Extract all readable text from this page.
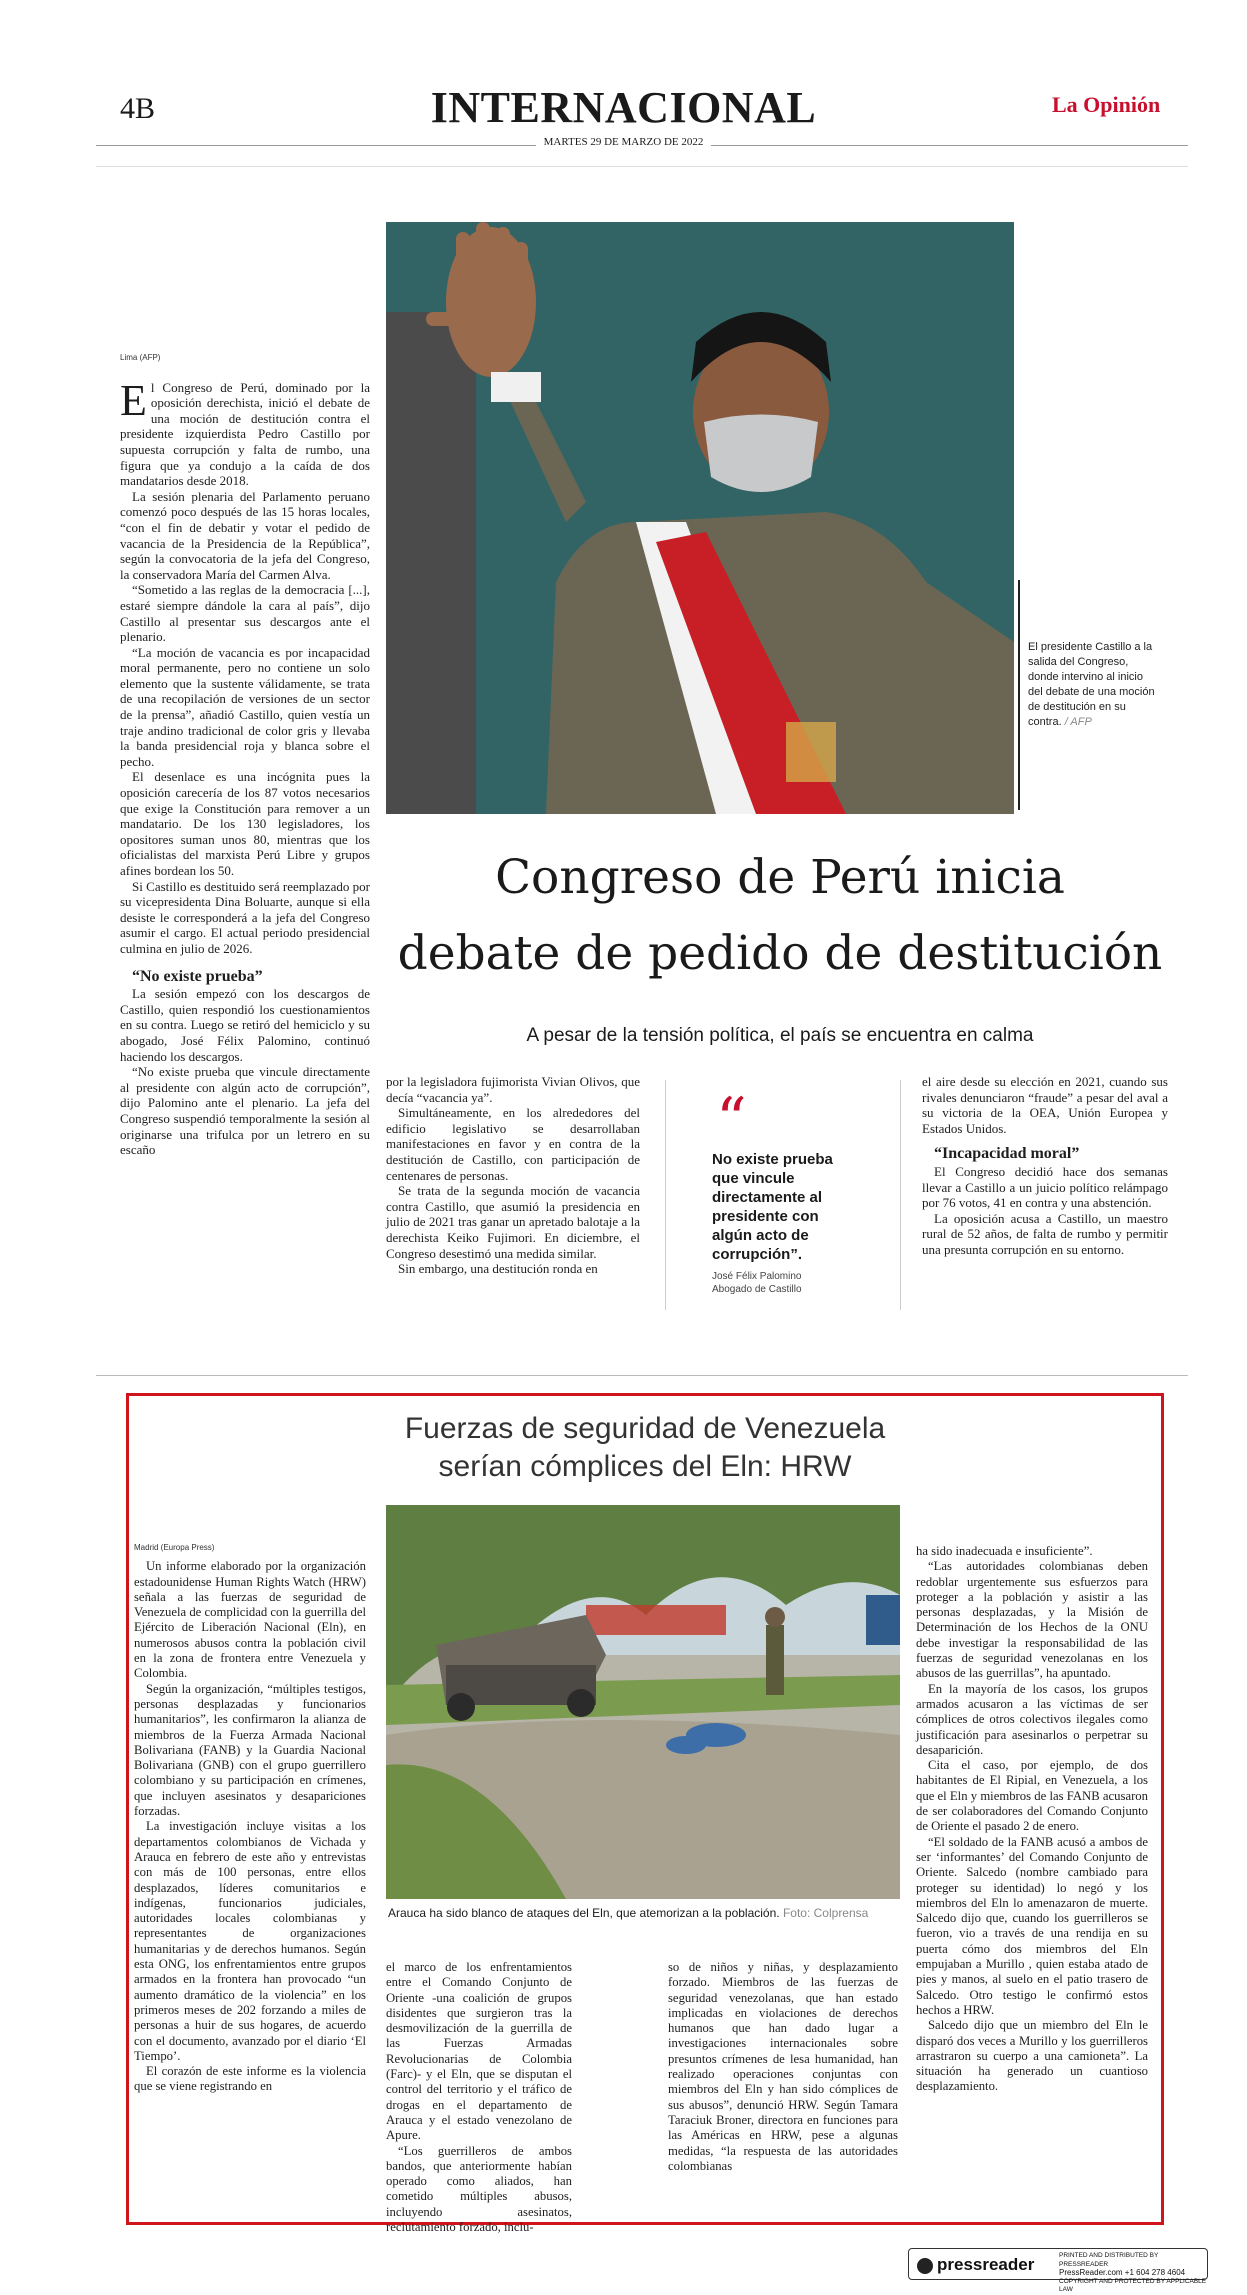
4B	INTERNACIONAL	La Opinión
MARTES 29 DE MARZO DE 2022
El presidente Castillo a la salida del Congreso, donde intervino al inicio del debate de una moción de destitución en su contra. / AFP

Lima (AFP)

El Congreso de Perú, dominado por la oposición derechista, inició el debate de una moción de destitución contra el presidente izquierdista Pedro Castillo por supuesta corrupción y falta de rumbo, una figura que ya condujo a la caída de dos mandatarios desde 2018.

La sesión plenaria del Parlamento peruano comenzó poco después de las 15 horas locales, “con el fin de debatir y votar el pedido de vacancia de la Presidencia de la República”, según la convocatoria de la jefa del Congreso, la conservadora María del Carmen Alva.

“Sometido a las reglas de la democracia [...], estaré siempre dándole la cara al país”, dijo Castillo al presentar sus descargos ante el plenario.

“La moción de vacancia es por incapacidad moral permanente, pero no contiene un solo elemento que la sustente válidamente, se trata de una recopilación de versiones de un sector de la prensa”, añadió Castillo, quien vestía un traje andino tradicional de color gris y llevaba la banda presidencial roja y blanca sobre el pecho.

El desenlace es una incógnita pues la oposición carecería de los 87 votos necesarios que exige la Constitución para remover a un mandatario. De los 130 legisladores, los opositores suman unos 80, mientras que los oficialistas del marxista Perú Libre y grupos afines bordean los 50.

Si Castillo es destituido será reemplazado por su vicepresidenta Dina Boluarte, aunque si ella desiste le corresponderá a la jefa del Congreso asumir el cargo. El actual periodo presidencial culmina en julio de 2026.

“No existe prueba”

La sesión empezó con los descargos de Castillo, quien respondió los cuestionamientos en su contra. Luego se retiró del hemiciclo y su abogado, José Félix Palomino, continuó haciendo los descargos.

“No existe prueba que vincule directamente al presidente con algún acto de corrupción”, dijo Palomino ante el plenario. La jefa del Congreso suspendió temporalmente la sesión al originarse una trifulca por un letrero en su escaño

Congreso de Perú inicia
debate de pedido de destitución
A pesar de la tensión política, el país se encuentra en calma

por la legisladora fujimorista Vivian Olivos, que decía “vacancia ya”.

Simultáneamente, en los alrededores del edificio legislativo se desarrollaban manifestaciones en favor y en contra de la destitución de Castillo, con participación de centenares de personas.

Se trata de la segunda moción de vacancia contra Castillo, que asumió la presidencia en julio de 2021 tras ganar un apretado balotaje a la derechista Keiko Fujimori. En diciembre, el Congreso desestimó una medida similar.

Sin embargo, una destitución ronda en

“
No existe prueba que vincule directamente al presidente con algún acto de corrupción”.
José Félix Palomino
Abogado de Castillo

el aire desde su elección en 2021, cuando sus rivales denunciaron “fraude” a pesar del aval a su victoria de la OEA, Unión Europea y Estados Unidos.

“Incapacidad moral”

El Congreso decidió hace dos semanas llevar a Castillo a un juicio político relámpago por 76 votos, 41 en contra y una abstención.

La oposición acusa a Castillo, un maestro rural de 52 años, de falta de rumbo y permitir una presunta corrupción en su entorno.

Fuerzas de seguridad de Venezuela
serían cómplices del Eln: HRW
Arauca ha sido blanco de ataques del Eln, que atemorizan a la población. Foto: Colprensa

Madrid (Europa Press)

Un informe elaborado por la organización estadounidense Human Rights Watch (HRW) señala a las fuerzas de seguridad de Venezuela de complicidad con la guerrilla del Ejército de Liberación Nacional (Eln), en numerosos abusos contra la población civil en la zona de frontera entre Venezuela y Colombia.

Según la organización, “múltiples testigos, personas desplazadas y funcionarios humanitarios”, les confirmaron la alianza de miembros de la Fuerza Armada Nacional Bolivariana (FANB) y la Guardia Nacional Bolivariana (GNB) con el grupo guerrillero colombiano y su participación en crímenes, que incluyen asesinatos y desapariciones forzadas.

La investigación incluye visitas a los departamentos colombianos de Vichada y Arauca en febrero de este año y entrevistas con más de 100 personas, entre ellos desplazados, líderes comunitarios e indígenas, funcionarios judiciales, autoridades locales colombianas y representantes de organizaciones humanitarias y de derechos humanos. Según esta ONG, los enfrentamientos entre grupos armados en la frontera han provocado “un aumento dramático de la violencia” en los primeros meses de 202 forzando a miles de personas a huir de sus hogares, de acuerdo con el documento, avanzado por el diario ‘El Tiempo’.

El corazón de este informe es la violencia que se viene registrando en

el marco de los enfrentamientos entre el Comando Conjunto de Oriente -una coalición de grupos disidentes que surgieron tras la desmovilización de la guerrilla de las Fuerzas Armadas Revolucionarias de Colombia (Farc)- y el Eln, que se disputan el control del territorio y el tráfico de drogas en el departamento de Arauca y el estado venezolano de Apure.

“Los guerrilleros de ambos bandos, que anteriormente habían operado como aliados, han cometido múltiples abusos, incluyendo asesinatos, reclutamiento forzado, inclu-

so de niños y niñas, y desplazamiento forzado. Miembros de las fuerzas de seguridad venezolanas, que han estado implicadas en violaciones de derechos humanos que han dado lugar a investigaciones internacionales sobre presuntos crímenes de lesa humanidad, han realizado operaciones conjuntas con miembros del Eln y han sido cómplices de sus abusos”, denunció HRW. Según Tamara Taraciuk Broner, directora en funciones para las Américas en HRW, pese a algunas medidas, “la respuesta de las autoridades colombianas

ha sido inadecuada e insuficiente”.

“Las autoridades colombianas deben redoblar urgentemente sus esfuerzos para proteger a la población y asistir a las personas desplazadas, y la Misión de Determinación de los Hechos de la ONU debe investigar la responsabilidad de las fuerzas de seguridad venezolanas en los abusos de las guerrillas”, ha apuntado.

En la mayoría de los casos, los grupos armados acusaron a las víctimas de ser cómplices de otros colectivos ilegales como justificación para asesinarlos o perpetrar su desaparición.

Cita el caso, por ejemplo, de dos habitantes de El Ripial, en Venezuela, a los que el Eln y miembros de las FANB acusaron de ser colaboradores del Comando Conjunto de Oriente el pasado 2 de enero.

“El soldado de la FANB acusó a ambos de ser ‘informantes’ del Comando Conjunto de Oriente. Salcedo (nombre cambiado para proteger su identidad) lo negó y los miembros del Eln lo amenazaron de muerte. Salcedo dijo que, cuando los guerrilleros se fueron, vio a través de una rendija en su puerta cómo dos miembros del Eln empujaban a Murillo , quien estaba atado de pies y manos, al suelo en el patio trasero de Salcedo. Otro testigo le confirmó estos hechos a HRW.

Salcedo dijo que un miembro del Eln le disparó dos veces a Murillo y los guerrilleros arrastraron su cuerpo a una camioneta”. La situación ha generado un cuantioso desplazamiento.

pressreader	PRINTED AND DISTRIBUTED BY PRESSREADER
PressReader.com +1 604 278 4604
COPYRIGHT AND PROTECTED BY APPLICABLE LAW
